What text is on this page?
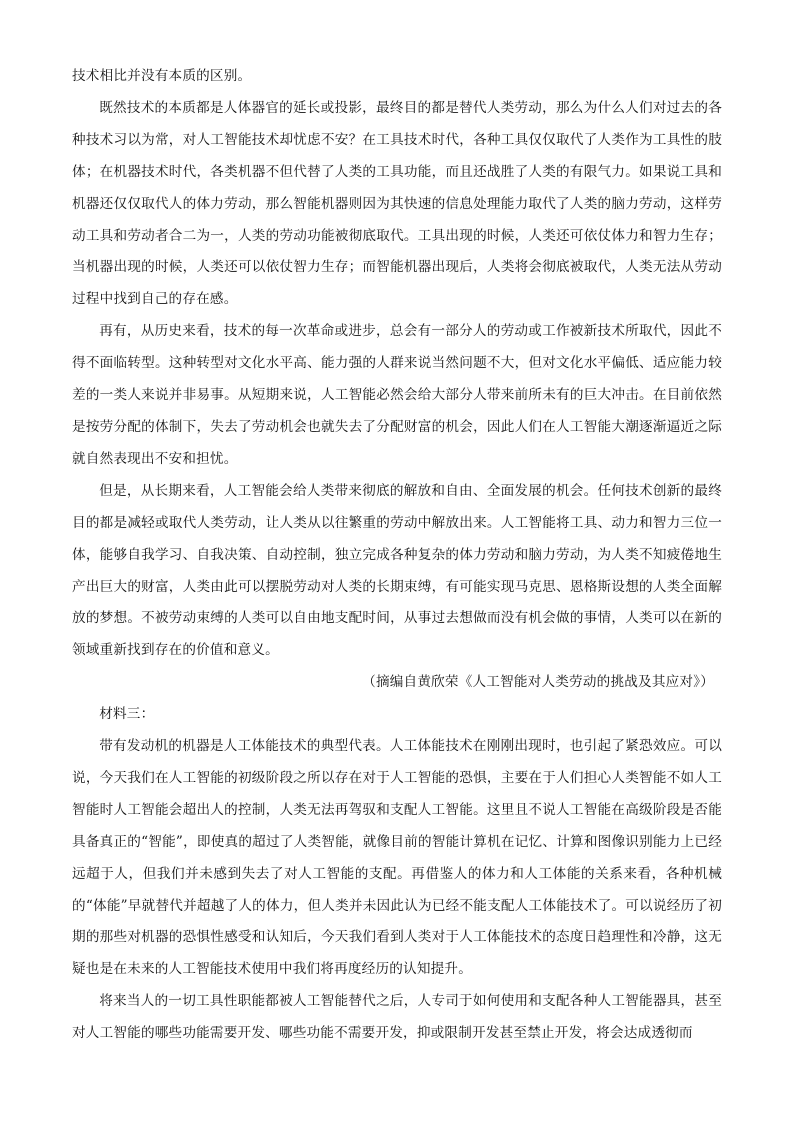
技术相比并没有本质的区别。

既然技术的本质都是人体器官的延长或投影，最终目的都是替代人类劳动，那么为什么人们对过去的各种技术习以为常，对人工智能技术却忧虑不安？在工具技术时代，各种工具仅仅取代了人类作为工具性的肢体；在机器技术时代，各类机器不但代替了人类的工具功能，而且还战胜了人类的有限气力。如果说工具和机器还仅仅取代人的体力劳动，那么智能机器则因为其快速的信息处理能力取代了人类的脑力劳动，这样劳动工具和劳动者合二为一，人类的劳动功能被彻底取代。工具出现的时候，人类还可依仗体力和智力生存；当机器出现的时候，人类还可以依仗智力生存；而智能机器出现后，人类将会彻底被取代，人类无法从劳动过程中找到自己的存在感。

再有，从历史来看，技术的每一次革命或进步，总会有一部分人的劳动或工作被新技术所取代，因此不得不面临转型。这种转型对文化水平高、能力强的人群来说当然问题不大，但对文化水平偏低、适应能力较差的一类人来说并非易事。从短期来说，人工智能必然会给大部分人带来前所未有的巨大冲击。在目前依然是按劳分配的体制下，失去了劳动机会也就失去了分配财富的机会，因此人们在人工智能大潮逐渐逼近之际就自然表现出不安和担忧。

但是，从长期来看，人工智能会给人类带来彻底的解放和自由、全面发展的机会。任何技术创新的最终目的都是减轻或取代人类劳动，让人类从以往繁重的劳动中解放出来。人工智能将工具、动力和智力三位一体，能够自我学习、自我决策、自动控制，独立完成各种复杂的体力劳动和脑力劳动，为人类不知疲倦地生产出巨大的财富，人类由此可以摆脱劳动对人类的长期束缚，有可能实现马克思、恩格斯设想的人类全面解放的梦想。不被劳动束缚的人类可以自由地支配时间，从事过去想做而没有机会做的事情，人类可以在新的领域重新找到存在的价值和意义。

（摘编自黄欣荣《人工智能对人类劳动的挑战及其应对》）

材料三：

带有发动机的机器是人工体能技术的典型代表。人工体能技术在刚刚出现时，也引起了紧恐效应。可以说，今天我们在人工智能的初级阶段之所以存在对于人工智能的恐惧，主要在于人们担心人类智能不如人工智能时人工智能会超出人的控制，人类无法再驾驭和支配人工智能。这里且不说人工智能在高级阶段是否能具备真正的“智能”，即使真的超过了人类智能，就像目前的智能计算机在记忆、计算和图像识别能力上已经远超于人，但我们并未感到失去了对人工智能的支配。再借鉴人的体力和人工体能的关系来看，各种机械的“体能”早就替代并超越了人的体力，但人类并未因此认为已经不能支配人工体能技术了。可以说经历了初期的那些对机器的恐惧性感受和认知后，今天我们看到人类对于人工体能技术的态度日趋理性和冷静，这无疑也是在未来的人工智能技术使用中我们将再度经历的认知提升。

将来当人的一切工具性职能都被人工智能替代之后，人专司于如何使用和支配各种人工智能器具，甚至对人工智能的哪些功能需要开发、哪些功能不需要开发，抑或限制开发甚至禁止开发，将会达成透彻而
